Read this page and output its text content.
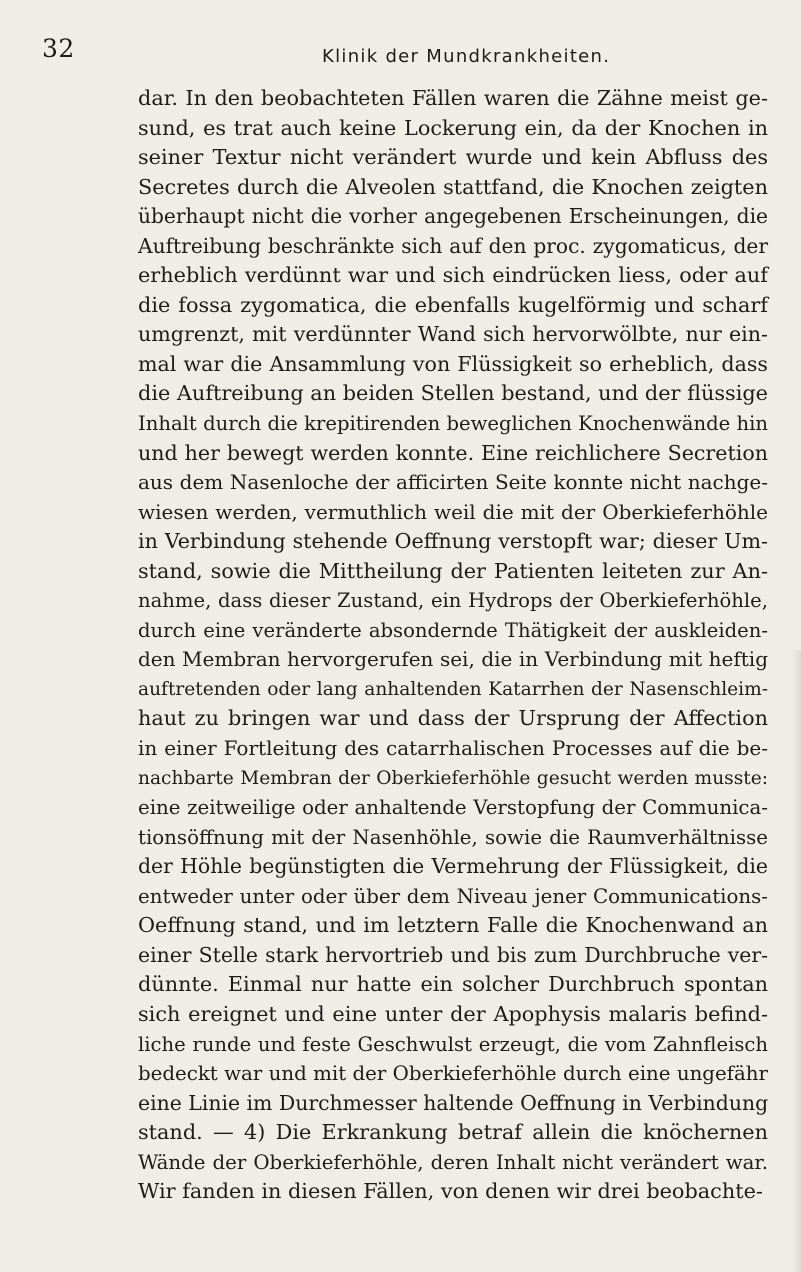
32	Klinik der Mundkrankheiten.
dar. In den beobachteten Fällen waren die Zähne meist ge-
sund, es trat auch keine Lockerung ein, da der Knochen in
seiner Textur nicht verändert wurde und kein Abfluss des
Secretes durch die Alveolen stattfand, die Knochen zeigten
überhaupt nicht die vorher angegebenen Erscheinungen, die
Auftreibung beschränkte sich auf den proc. zygomaticus, der
erheblich verdünnt war und sich eindrücken liess, oder auf
die fossa zygomatica, die ebenfalls kugelförmig und scharf
umgrenzt, mit verdünnter Wand sich hervorwölbte, nur ein-
mal war die Ansammlung von Flüssigkeit so erheblich, dass
die Auftreibung an beiden Stellen bestand, und der flüssige
Inhalt durch die krepitirenden beweglichen Knochenwände hin
und her bewegt werden konnte. Eine reichlichere Secretion
aus dem Nasenloche der afficirten Seite konnte nicht nachge-
wiesen werden, vermuthlich weil die mit der Oberkieferhöhle
in Verbindung stehende Oeffnung verstopft war; dieser Um-
stand, sowie die Mittheilung der Patienten leiteten zur An-
nahme, dass dieser Zustand, ein Hydrops der Oberkieferhöhle,
durch eine veränderte absondernde Thätigkeit der auskleiden-
den Membran hervorgerufen sei, die in Verbindung mit heftig
auftretenden oder lang anhaltenden Katarrhen der Nasenschleim-
haut zu bringen war und dass der Ursprung der Affection
in einer Fortleitung des catarrhalischen Processes auf die be-
nachbarte Membran der Oberkieferhöhle gesucht werden musste:
eine zeitweilige oder anhaltende Verstopfung der Communica-
tionsöffnung mit der Nasenhöhle, sowie die Raumverhältnisse
der Höhle begünstigten die Vermehrung der Flüssigkeit, die
entweder unter oder über dem Niveau jener Communications-
Oeffnung stand, und im letztern Falle die Knochenwand an
einer Stelle stark hervortrieb und bis zum Durchbruche ver-
dünnte. Einmal nur hatte ein solcher Durchbruch spontan
sich ereignet und eine unter der Apophysis malaris befind-
liche runde und feste Geschwulst erzeugt, die vom Zahnfleisch
bedeckt war und mit der Oberkieferhöhle durch eine ungefähr
eine Linie im Durchmesser haltende Oeffnung in Verbindung
stand. — 4) Die Erkrankung betraf allein die knöchernen
Wände der Oberkieferhöhle, deren Inhalt nicht verändert war.
Wir fanden in diesen Fällen, von denen wir drei beobachte-
